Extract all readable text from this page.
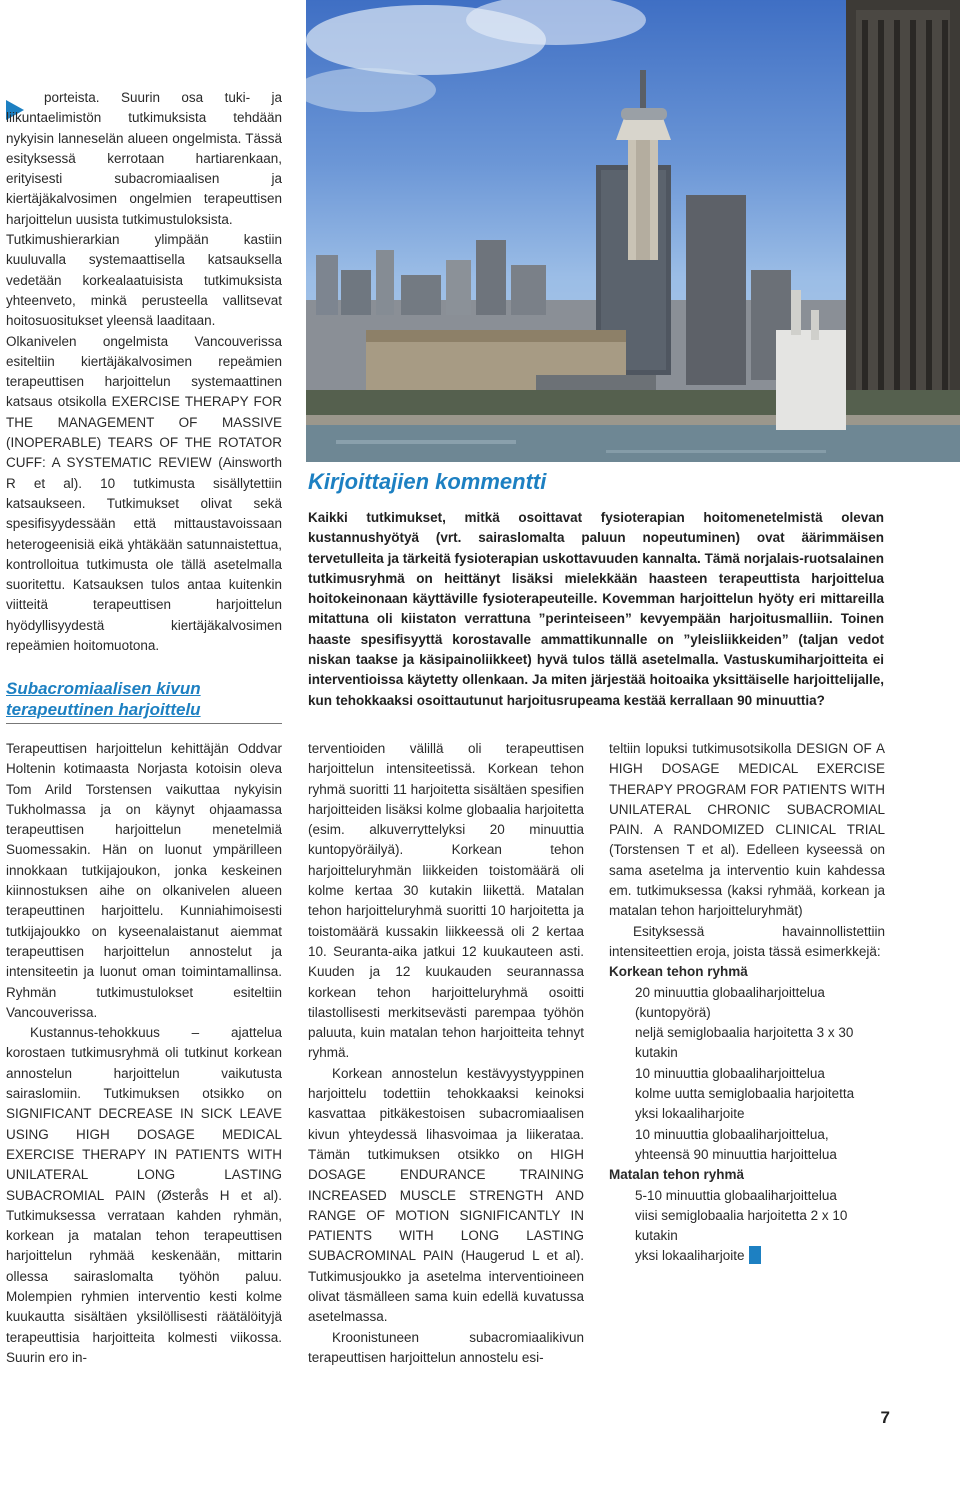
porteista. Suurin osa tuki- ja liikuntaelimistön tutkimuksista tehdään nykyisin lanneselän alueen ongelmista. Tässä esityksessä kerrotaan hartiarenkaan, erityisesti subacromiaalisen ja kiertäjäkalvosimen ongelmien terapeuttisen harjoittelun uusista tutkimustuloksista.

Tutkimushierarkian ylimpään kastiin kuuluvalla systemaattisella katsauksella vedetään korkealaatuisista tutkimuksista yhteenveto, minkä perusteella vallitsevat hoitosuositukset yleensä laaditaan.

Olkanivelen ongelmista Vancouverissa esiteltiin kiertäjäkalvosimen repeämien terapeuttisen harjoittelun systemaattinen katsaus otsikolla EXERCISE THERAPY FOR THE MANAGEMENT OF MASSIVE (INOPERABLE) TEARS OF THE ROTATOR CUFF: A SYSTEMATIC REVIEW (Ainsworth R et al). 10 tutkimusta sisällytettiin katsaukseen. Tutkimukset olivat sekä spesifisyydessään että mittaustavoissaan heterogeenisiä eikä yhtäkään satunnaistettua, kontrolloitua tutkimusta ole tällä asetelmalla suoritettu. Katsauksen tulos antaa kuitenkin viitteitä terapeuttisen harjoittelun hyödyllisyydestä kiertäjäkalvosimen repeämien hoitomuotona.

Subacromiaalisen kivun terapeuttinen harjoittelu

Terapeuttisen harjoittelun kehittäjän Oddvar Holtenin kotimaasta Norjasta kotoisin oleva Tom Arild Torstensen vaikuttaa nykyisin Tukholmassa ja on käynyt ohjaamassa terapeuttisen harjoittelun menetelmiä Suomessakin. Hän on luonut ympärilleen innokkaan tutkijajoukon, jonka keskeinen kiinnostuksen aihe on olkanivelen alueen terapeuttinen harjoittelu. Kunniahimoisesti tutkijajoukko on kyseenalaistanut aiemmat terapeuttisen harjoittelun annostelut ja intensiteetin ja luonut oman toimintamallinsa. Ryhmän tutkimustulokset esiteltiin Vancouverissa.

Kustannus-tehokkuus – ajattelua korostaen tutkimusryhmä oli tutkinut korkean annostelun harjoittelun vaikutusta sairaslomiin. Tutkimuksen otsikko on SIGNIFICANT DECREASE IN SICK LEAVE USING HIGH DOSAGE MEDICAL EXERCISE THERAPY IN PATIENTS WITH UNILATERAL LONG LASTING SUBACROMIAL PAIN (Østerås H et al). Tutkimuksessa verrataan kahden ryhmän, korkean ja matalan tehon terapeuttisen harjoittelun ryhmää keskenään, mittarin ollessa sairaslomalta työhön paluu. Molempien ryhmien interventio kesti kolme kuukautta sisältäen yksilöllisesti räätälöityjä terapeuttisia harjoitteita kolmesti viikossa. Suurin ero in-

Kirjoittajien kommentti
Kaikki tutkimukset, mitkä osoittavat fysioterapian hoitomenetelmistä olevan kustannushyötyä (vrt. sairaslomalta paluun nopeutuminen) ovat äärimmäisen tervetulleita ja tärkeitä fysioterapian uskottavuuden kannalta. Tämä norjalais-ruotsalainen tutkimusryhmä on heittänyt lisäksi mielekkään haasteen terapeuttista harjoittelua hoitokeinonaan käyttäville fysioterapeuteille. Kovemman harjoittelun hyöty eri mittareilla mitattuna oli kiistaton verrattuna ”perinteiseen” kevyempään harjoitusmalliin. Toinen haaste spesifisyyttä korostavalle ammattikunnalle on ”yleisliikkeiden” (taljan vedot niskan taakse ja käsipainoliikkeet) hyvä tulos tällä asetelmalla. Vastuskumiharjoitteita ei interventioissa käytetty ollenkaan. Ja miten järjestää hoitoaika yksittäiselle harjoittelijalle, kun tehokkaaksi osoittautunut harjoitusrupeama kestää kerrallaan 90 minuuttia?

terventioiden välillä oli terapeuttisen harjoittelun intensiteetissä. Korkean tehon ryhmä suoritti 11 harjoitetta sisältäen spesifien harjoitteiden lisäksi kolme globaalia harjoitetta (esim. alkuverryttelyksi 20 minuuttia kuntopyöräilyä). Korkean tehon harjoitteluryhmän liikkeiden toistomäärä oli kolme kertaa 30 kutakin liikettä. Matalan tehon harjoitteluryhmä suoritti 10 harjoitetta ja toistomäärä kussakin liikkeessä oli 2 kertaa 10. Seuranta-aika jatkui 12 kuukauteen asti. Kuuden ja 12 kuukauden seurannassa korkean tehon harjoitteluryhmä osoitti tilastollisesti merkitsevästi parempaa työhön paluuta, kuin matalan tehon harjoitteita tehnyt ryhmä.

Korkean annostelun kestävyystyyppinen harjoittelu todettiin tehokkaaksi keinoksi kasvattaa pitkäkestoisen subacromiaalisen kivun yhteydessä lihasvoimaa ja liikerataa. Tämän tutkimuksen otsikko on HIGH DOSAGE ENDURANCE TRAINING INCREASED MUSCLE STRENGTH AND RANGE OF MOTION SIGNIFICANTLY IN PATIENTS WITH LONG LASTING SUBACROMINAL PAIN (Haugerud L et al). Tutkimusjoukko ja asetelma interventioineen olivat täsmälleen sama kuin edellä kuvatussa asetelmassa.

Kroonistuneen subacromiaalikivun terapeuttisen harjoittelun annostelu esi-

teltiin lopuksi tutkimusotsikolla DESIGN OF A HIGH DOSAGE MEDICAL EXERCISE THERAPY PROGRAM FOR PATIENTS WITH UNILATERAL CHRONIC SUBACROMIAL PAIN. A RANDOMIZED CLINICAL TRIAL (Torstensen T et al). Edelleen kyseessä on sama asetelma ja interventio kuin kahdessa em. tutkimuksessa (kaksi ryhmää, korkean ja matalan tehon harjoitteluryhmät)

Esityksessä havainnollistettiin intensiteettien eroja, joista tässä esimerkkejä:

Korkean tehon ryhmä
20 minuuttia globaaliharjoittelua (kuntopyörä)
neljä semiglobaalia harjoitetta 3 x 30 kutakin
10 minuuttia globaaliharjoittelua
kolme uutta semiglobaalia harjoitetta
yksi lokaaliharjoite
10 minuuttia globaaliharjoittelua, yhteensä 90 minuuttia harjoittelua
Matalan tehon ryhmä
5-10 minuuttia globaaliharjoittelua
viisi semiglobaalia harjoitetta 2 x 10 kutakin
yksi lokaaliharjoite
7
